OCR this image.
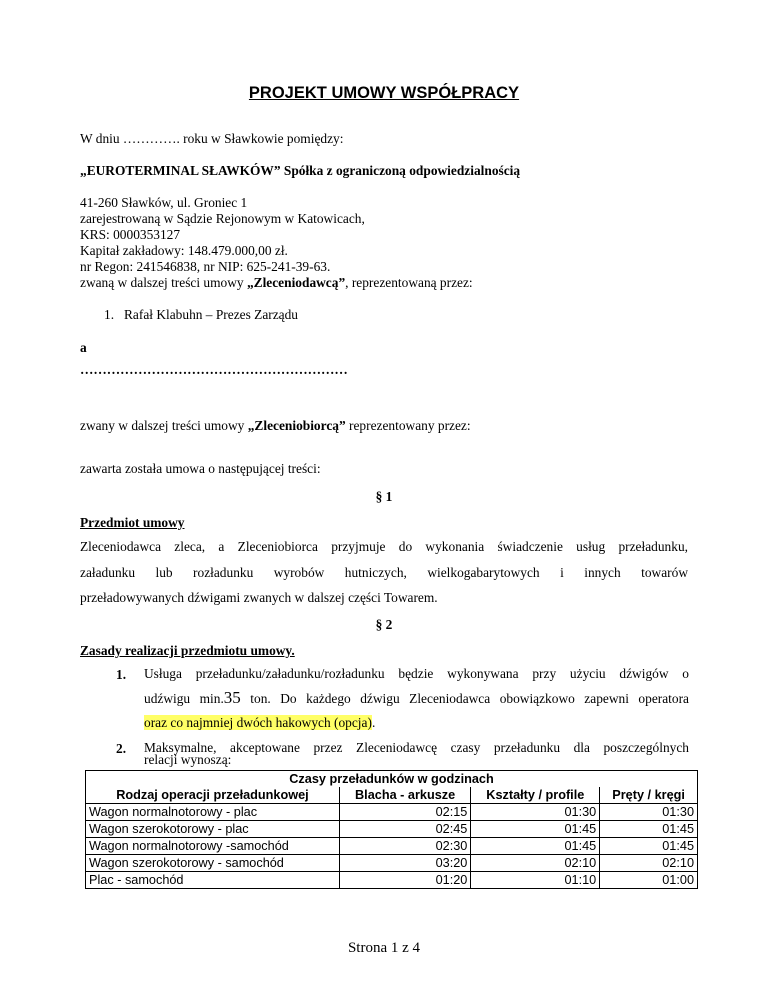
PROJEKT UMOWY WSPÓŁPRACY
W dniu …………. roku w Sławkowie pomiędzy:
„EUROTERMINAL SŁAWKÓW” Spółka z ograniczoną odpowiedzialnością
41-260 Sławków, ul. Groniec 1
zarejestrowaną w Sądzie Rejonowym w Katowicach,
KRS: 0000353127
Kapitał zakładowy: 148.479.000,00 zł.
nr Regon: 241546838, nr NIP: 625-241-39-63.
zwaną w dalszej treści umowy „Zleceniodawcą”, reprezentowaną przez:
1. Rafał Klabuhn – Prezes Zarządu
a
……………………………………………………
zwany w dalszej treści umowy „Zleceniobiorcą” reprezentowany przez:
zawarta została umowa o następującej treści:
§ 1
Przedmiot umowy
Zleceniodawca zleca, a Zleceniobiorca przyjmuje do wykonania świadczenie usług przeładunku,
załadunku lub rozładunku wyrobów hutniczych, wielkogabarytowych i innych towarów
przeładowywanych dźwigami zwanych w dalszej części Towarem.
§ 2
Zasady realizacji przedmiotu umowy.
1. Usługa przeładunku/załadunku/rozładunku będzie wykonywana przy użyciu dźwigów o
udźwigu min.35 ton. Do każdego dźwigu Zleceniodawca obowiązkowo zapewni operatora
oraz co najmniej dwóch hakowych (opcja).
2. Maksymalne, akceptowane przez Zleceniodawcę czasy przeładunku dla poszczególnych
Czasy przeładunków w godzinach			
Rodzaj operacji przeładunkowej	Blacha - arkusze	Kształty / profile	Pręty / kręgi
Wagon normalnotorowy - plac	02:15	01:30	01:30
Wagon szerokotorowy - plac	02:45	01:45	01:45
Wagon normalnotorowy -samochód	02:30	01:45	01:45
Wagon szerokotorowy - samochód	03:20	02:10	02:10
Plac - samochód	01:20	01:10	01:00
Strona 1 z 4
relacji wynoszą:
